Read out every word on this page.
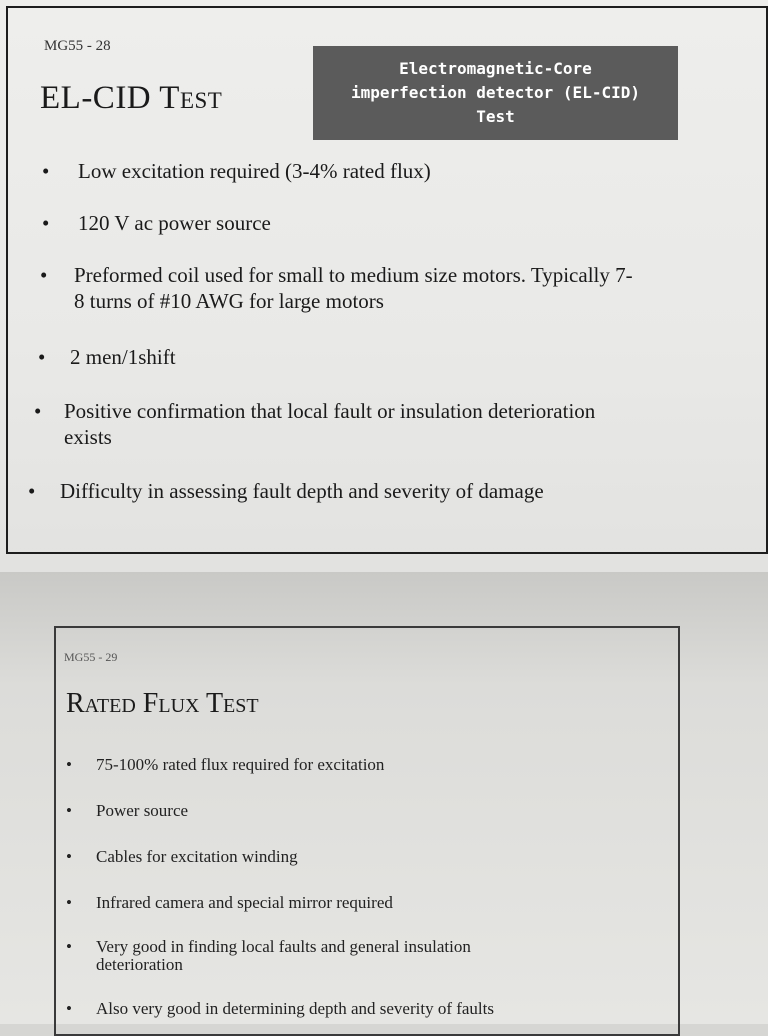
MG55 - 28
EL-CID Test
•	Low excitation required (3-4% rated flux)
•	120 V ac power source
•	Preformed coil used for small to medium size motors. Typically 7-
8 turns of #10 AWG for large motors
•	2 men/1shift
•	Positive confirmation that local fault or insulation deterioration
exists
•	Difficulty in assessing fault depth and severity of damage
Electromagnetic-Core
imperfection detector (EL-CID)
Test
MG55 - 29
Rated Flux Test
•	75-100% rated flux required for excitation
•	Power source
•	Cables for excitation winding
•	Infrared camera and special mirror required
•	Very good in finding local faults and general insulation
deterioration
•	Also very good in determining depth and severity of faults
